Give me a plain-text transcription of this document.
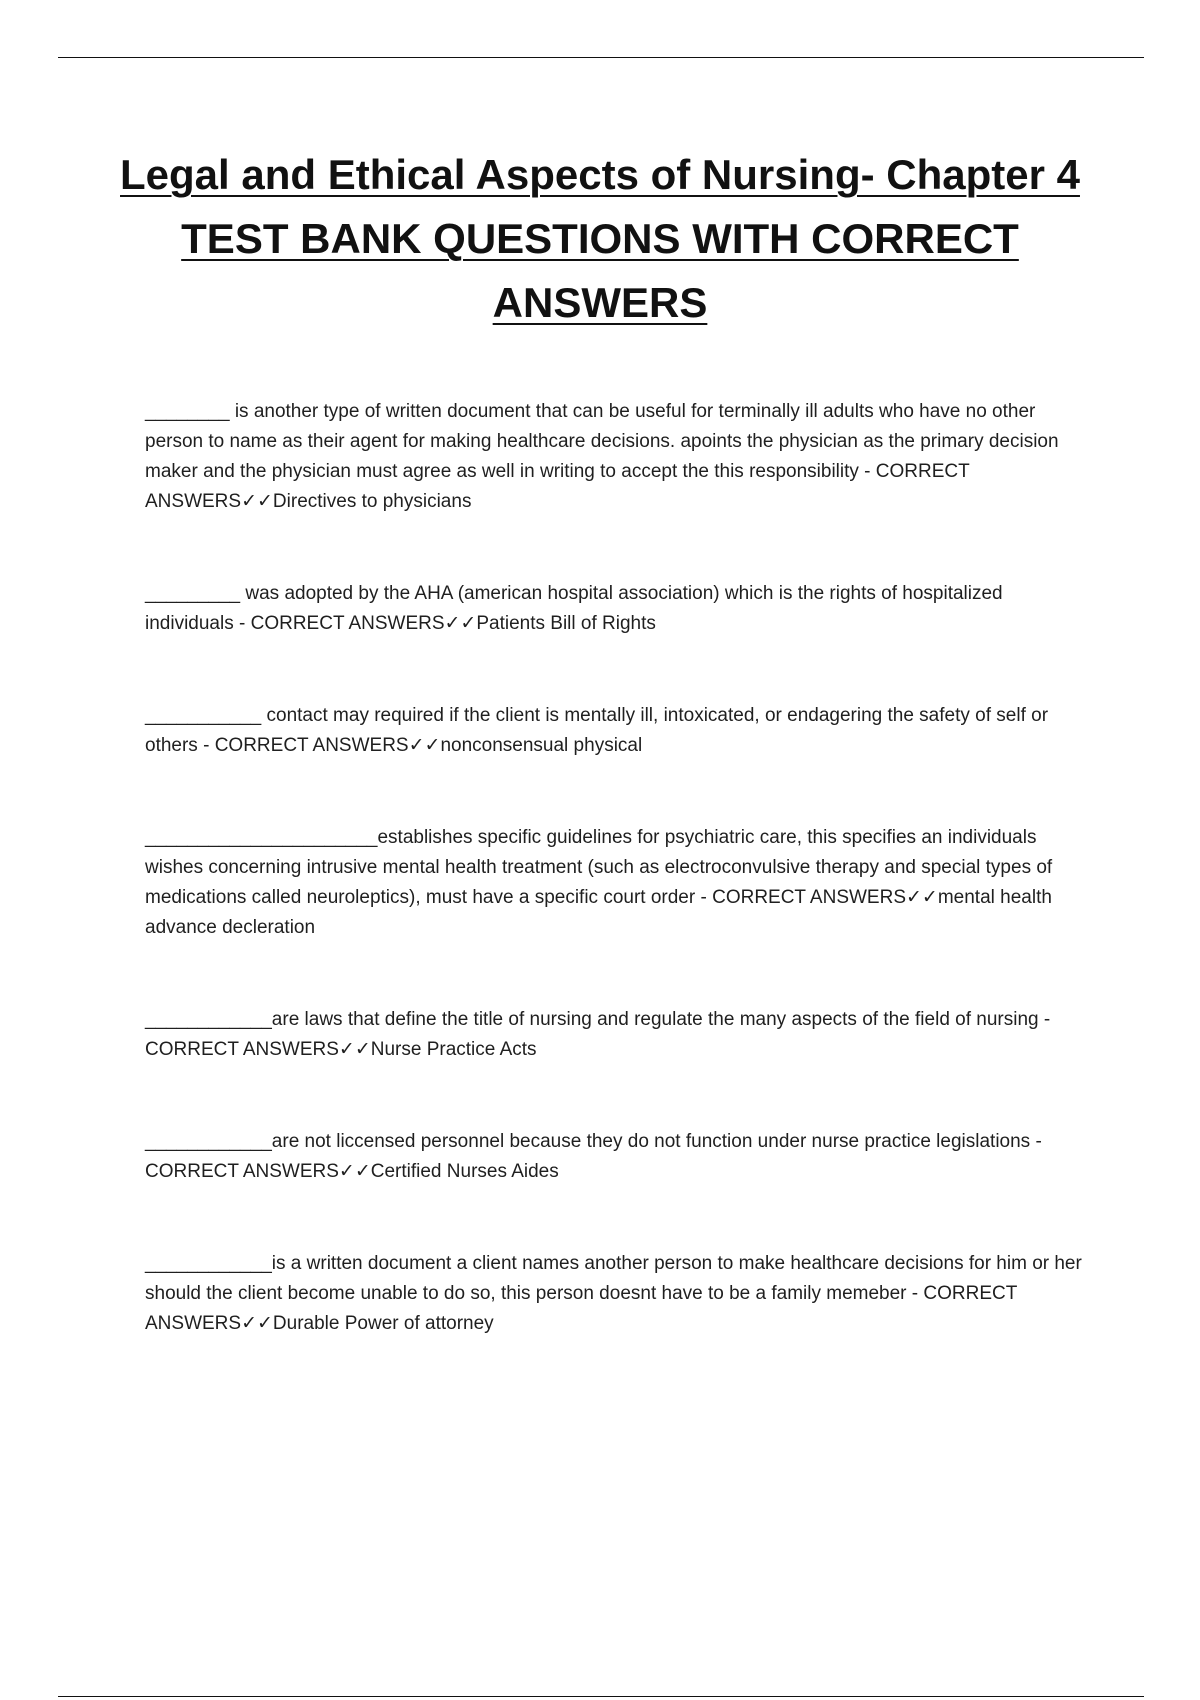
Legal and Ethical Aspects of Nursing- Chapter 4
TEST BANK QUESTIONS WITH CORRECT
ANSWERS

________ is another type of written document that can be useful for terminally ill adults who have no other person to name as their agent for making healthcare decisions. apoints the physician as the primary decision maker and the physician must agree as well in writing to accept the this responsibility - CORRECT ANSWERS✓✓Directives to physicians

_________ was adopted by the AHA (american hospital association) which is the rights of hospitalized individuals - CORRECT ANSWERS✓✓Patients Bill of Rights

___________ contact may required if the client is mentally ill, intoxicated, or endagering the safety of self or others - CORRECT ANSWERS✓✓nonconsensual physical

______________________establishes specific guidelines for psychiatric care, this specifies an individuals wishes concerning intrusive mental health treatment (such as electroconvulsive therapy and special types of medications called neuroleptics), must have a specific court order - CORRECT ANSWERS✓✓mental health advance decleration

____________are laws that define the title of nursing and regulate the many aspects of the field of nursing - CORRECT ANSWERS✓✓Nurse Practice Acts

____________are not liccensed personnel because they do not function under nurse practice legislations - CORRECT ANSWERS✓✓Certified Nurses Aides

____________is a written document a client names another person to make healthcare decisions for him or her should the client become unable to do so, this person doesnt have to be a family memeber - CORRECT ANSWERS✓✓Durable Power of attorney
